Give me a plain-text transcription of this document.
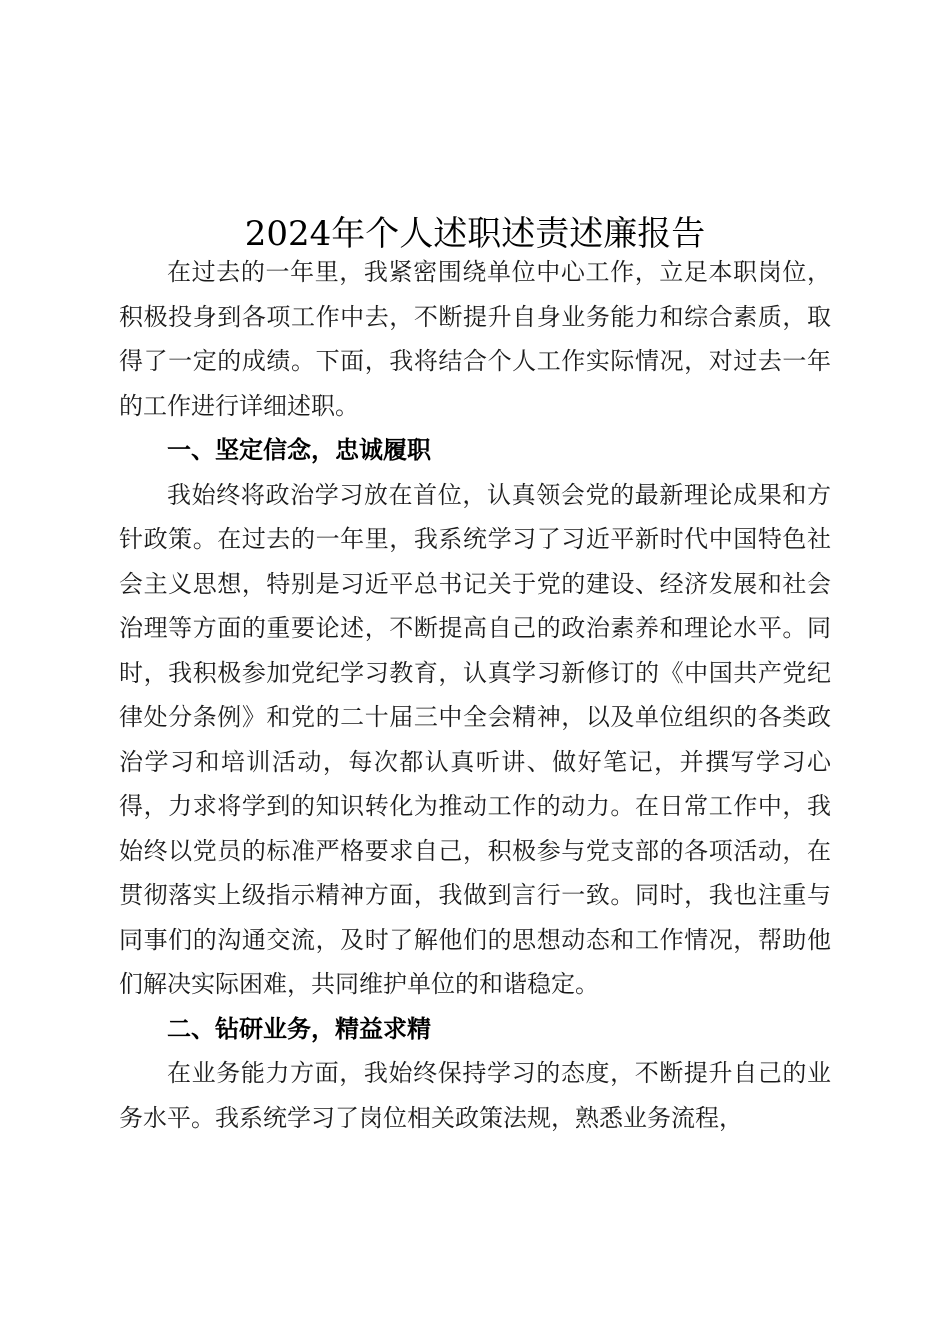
2024年个人述职述责述廉报告

在过去的一年里，我紧密围绕单位中心工作，立足本职岗位，积极投身到各项工作中去，不断提升自身业务能力和综合素质，取得了一定的成绩。下面，我将结合个人工作实际情况，对过去一年的工作进行详细述职。

一、坚定信念，忠诚履职

我始终将政治学习放在首位，认真领会党的最新理论成果和方针政策。在过去的一年里，我系统学习了习近平新时代中国特色社会主义思想，特别是习近平总书记关于党的建设、经济发展和社会治理等方面的重要论述，不断提高自己的政治素养和理论水平。同时，我积极参加党纪学习教育，认真学习新修订的《中国共产党纪律处分条例》和党的二十届三中全会精神，以及单位组织的各类政治学习和培训活动，每次都认真听讲、做好笔记，并撰写学习心得，力求将学到的知识转化为推动工作的动力。在日常工作中，我始终以党员的标准严格要求自己，积极参与党支部的各项活动，在贯彻落实上级指示精神方面，我做到言行一致。同时，我也注重与同事们的沟通交流，及时了解他们的思想动态和工作情况，帮助他们解决实际困难，共同维护单位的和谐稳定。

二、钻研业务，精益求精

在业务能力方面，我始终保持学习的态度，不断提升自己的业务水平。我系统学习了岗位相关政策法规，熟悉业务流程，
